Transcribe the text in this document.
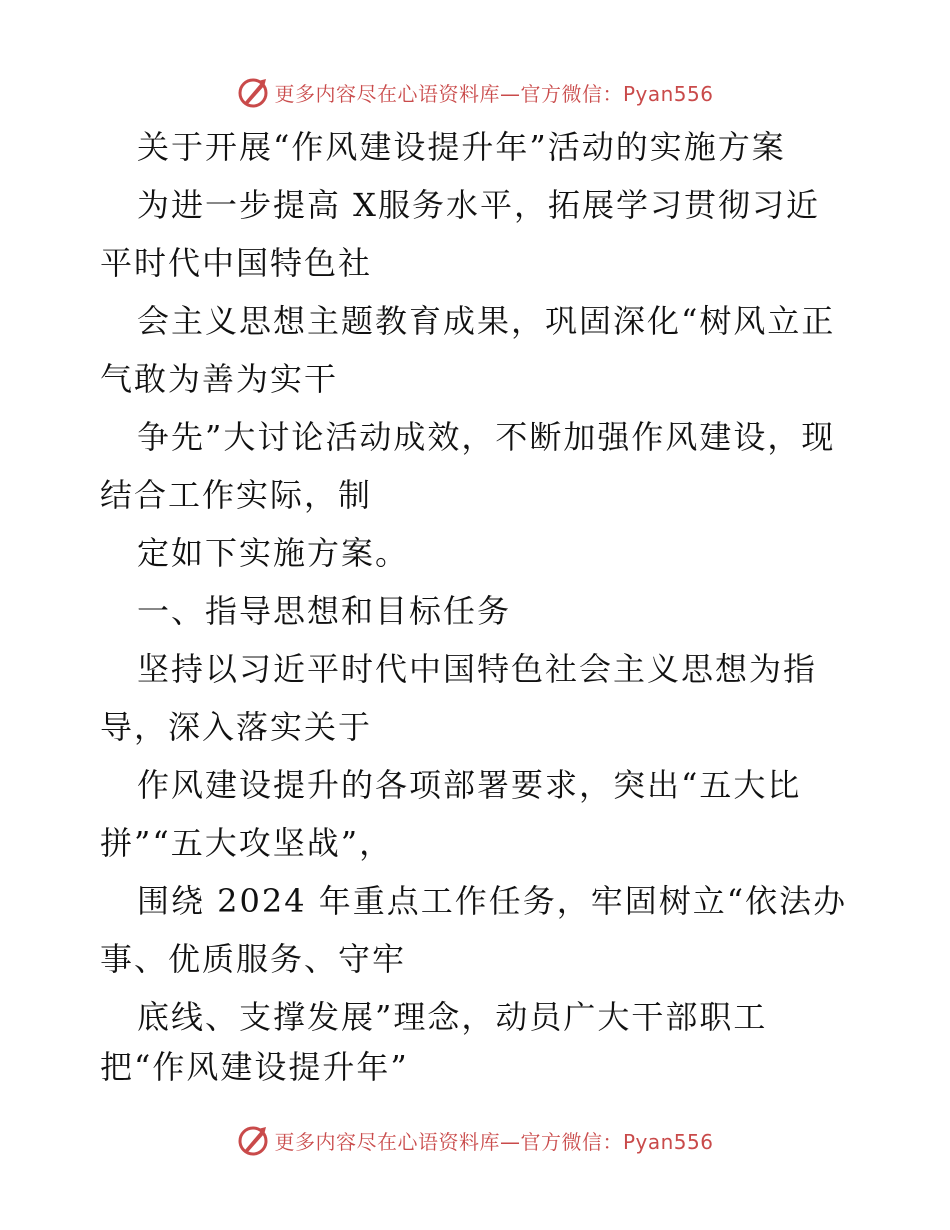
更多内容尽在心语资料库—官方微信：Pyan556
关于开展“作风建设提升年”活动的实施方案
为进一步提高 X服务水平，拓展学习贯彻习近
平时代中国特色社
会主义思想主题教育成果，巩固深化“树风立正
气敢为善为实干
争先”大讨论活动成效，不断加强作风建设，现
结合工作实际，制
定如下实施方案。
一、指导思想和目标任务
坚持以习近平时代中国特色社会主义思想为指
导，深入落实关于
作风建设提升的各项部署要求，突出“五大比
拼”“五大攻坚战”，
围绕 2024 年重点工作任务，牢固树立“依法办
事、优质服务、守牢
底线、支撑发展”理念，动员广大干部职工
把“作风建设提升年”
更多内容尽在心语资料库—官方微信：Pyan556
